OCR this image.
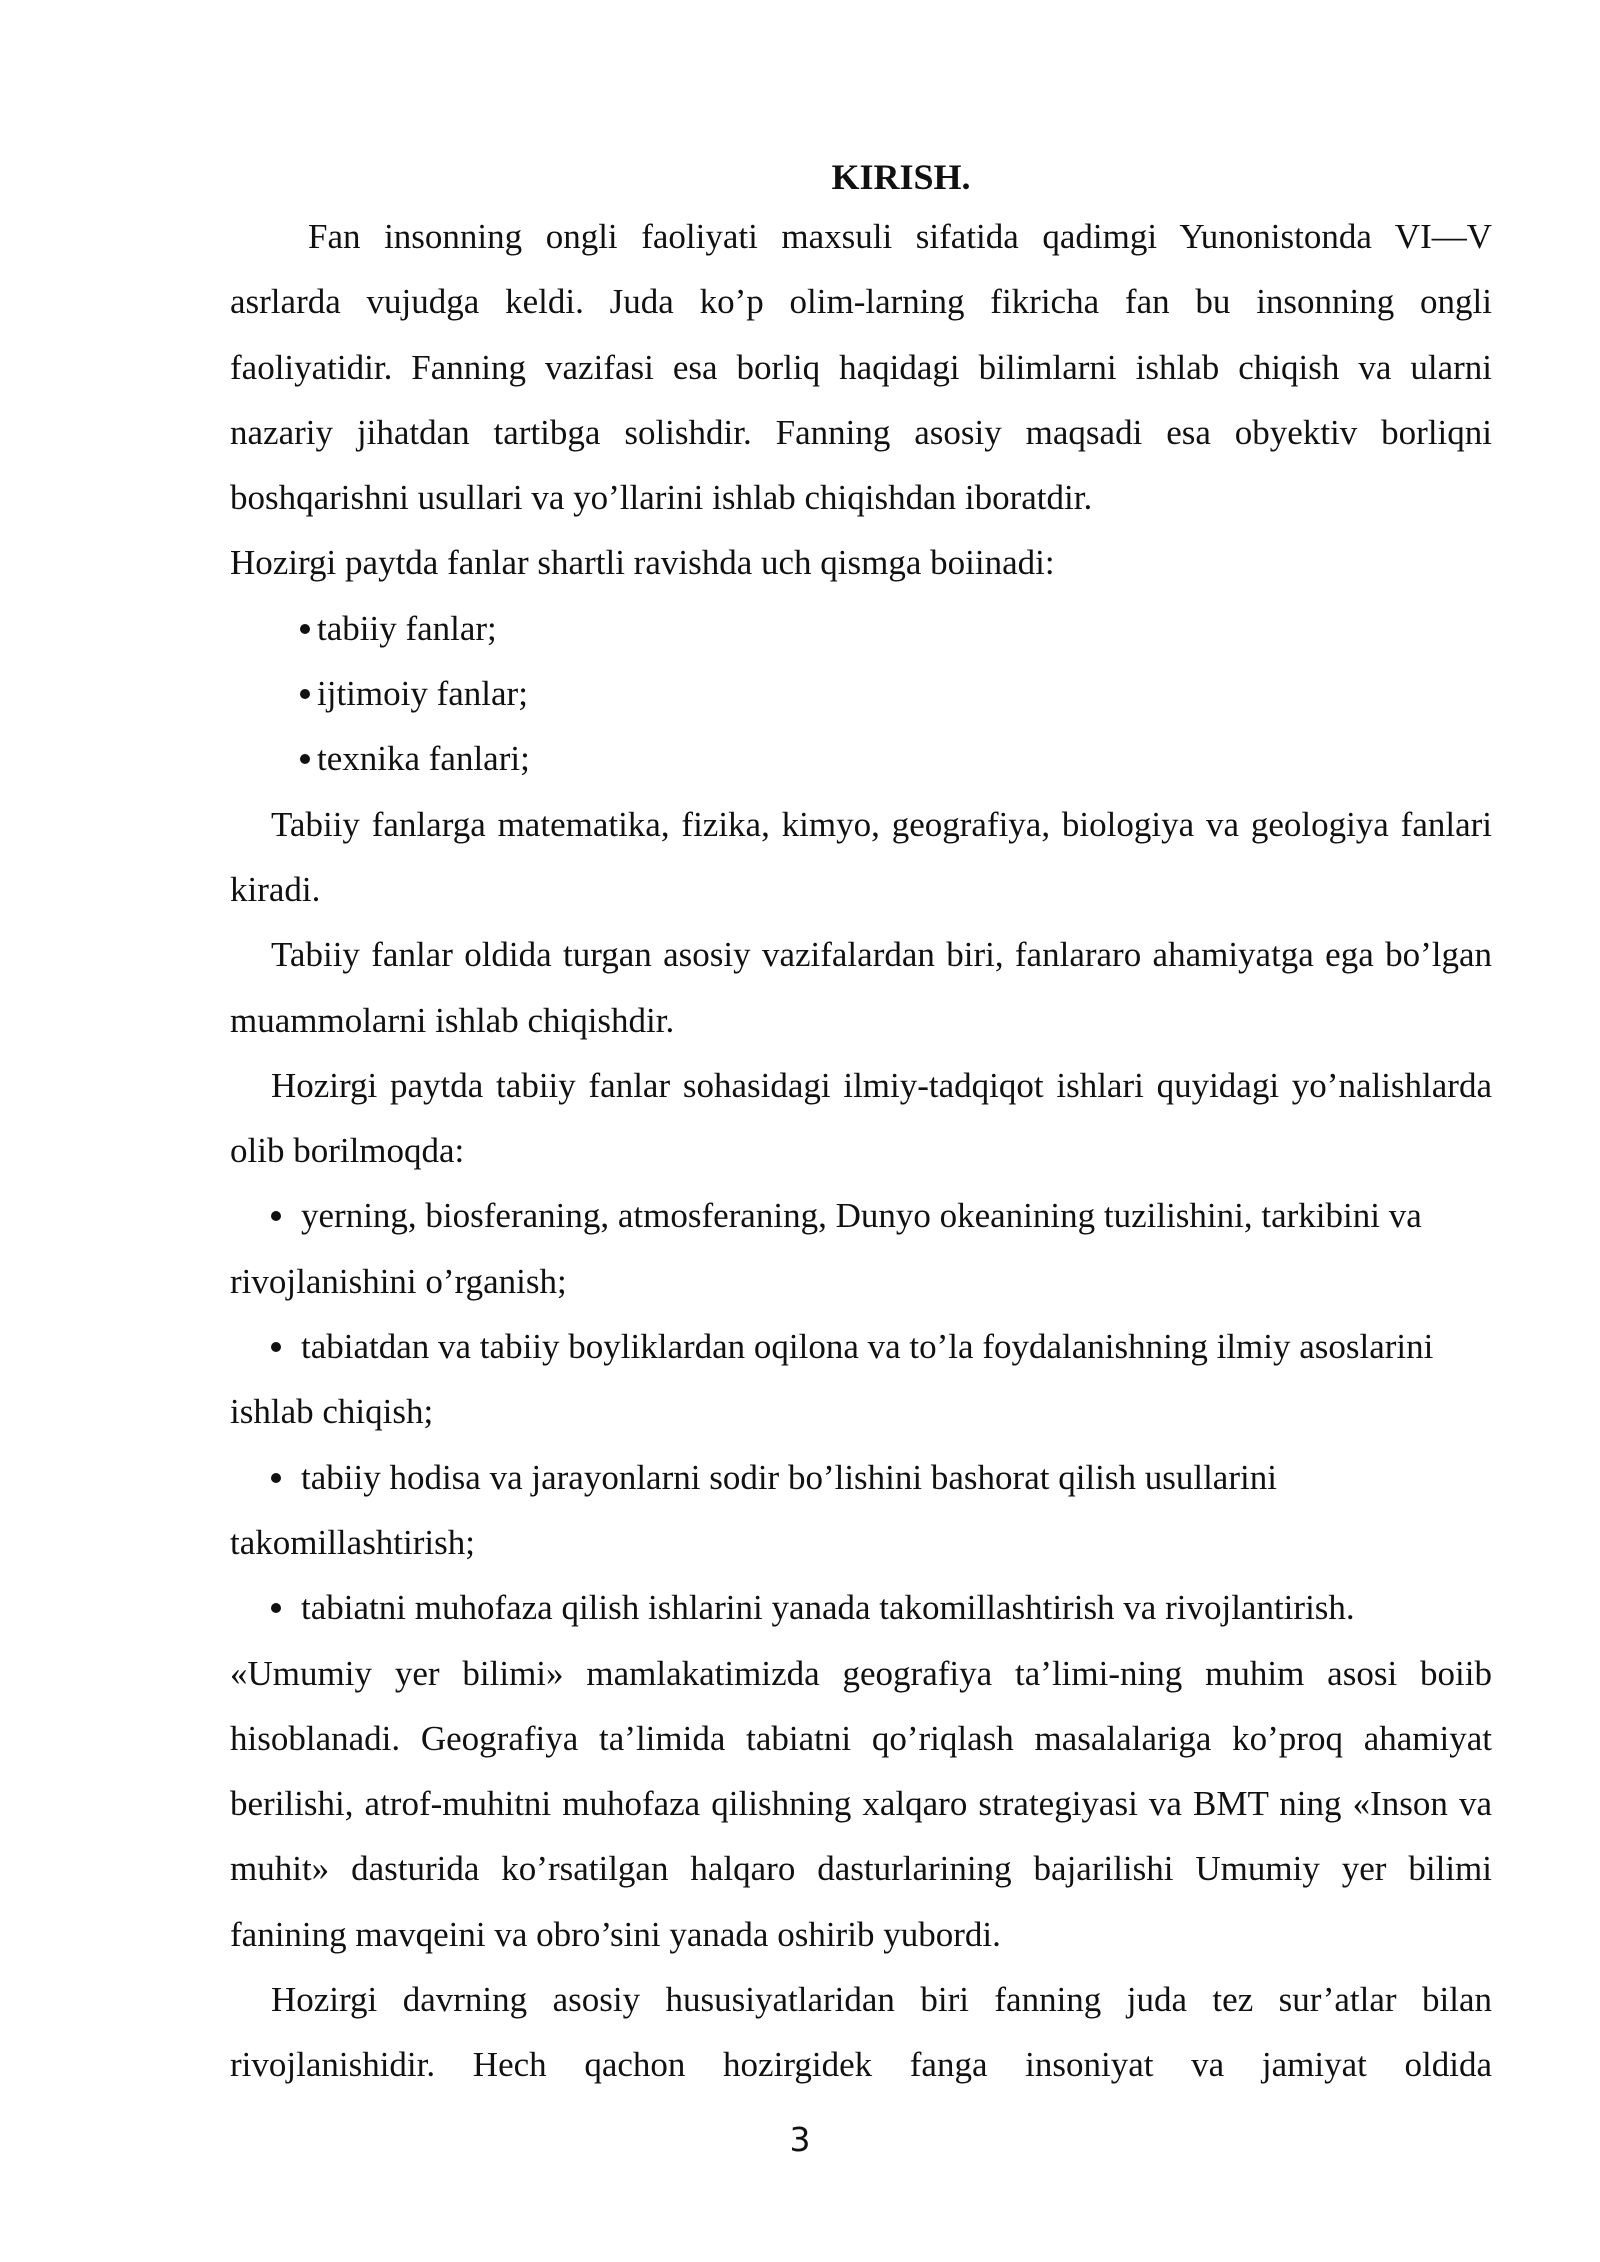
KIRISH.

Fan insonning ongli faoliyati maxsuli sifatida qadimgi Yunonistonda VI—V asrlarda vujudga keldi. Juda ko’p olim-larning fikricha fan bu insonning ongli faoliyatidir. Fanning vazifasi esa borliq haqidagi bilimlarni ishlab chiqish va ularni nazariy jihatdan tartibga solishdir. Fanning asosiy maqsadi esa obyektiv borliqni boshqarishni usullari va yo’llarini ishlab chiqishdan iboratdir.

Hozirgi paytda fanlar shartli ravishda uch qismga boiinadi:

tabiiy fanlar;

ijtimoiy fanlar;

texnika fanlari;

Tabiiy fanlarga matematika, fizika, kimyo, geografiya, biologiya va geologiya fanlari kiradi.

Tabiiy fanlar oldida turgan asosiy vazifalardan biri, fanlararo ahamiyatga ega bo’lgan muammolarni ishlab chiqishdir.

Hozirgi paytda tabiiy fanlar sohasidagi ilmiy-tadqiqot ishlari quyidagi yo’nalishlarda olib borilmoqda:

yerning, biosferaning, atmosferaning, Dunyo okeanining tuzilishini, tarkibini va rivojlanishini o’rganish;

tabiatdan va tabiiy boyliklardan oqilona va to’la foydalanishning ilmiy asoslarini ishlab chiqish;

tabiiy hodisa va jarayonlarni sodir bo’lishini bashorat qilish usullarini takomillashtirish;

tabiatni muhofaza qilish ishlarini yanada takomillashtirish va rivojlantirish.

«Umumiy yer bilimi» mamlakatimizda geografiya ta’limi-ning muhim asosi boiib hisoblanadi. Geografiya ta’limida tabiatni qo’riqlash masalalariga ko’proq ahamiyat berilishi, atrof-muhitni muhofaza qilishning xalqaro strategiyasi va BMT ning «Inson va muhit» dasturida ko’rsatilgan halqaro dasturlarining bajarilishi Umumiy yer bilimi fanining mavqeini va obro’sini yanada oshirib yubordi.

Hozirgi davrning asosiy hususiyatlaridan biri fanning juda tez sur’atlar bilan rivojlanishidir. Hech qachon hozirgidek fanga insoniyat va jamiyat oldida

3
